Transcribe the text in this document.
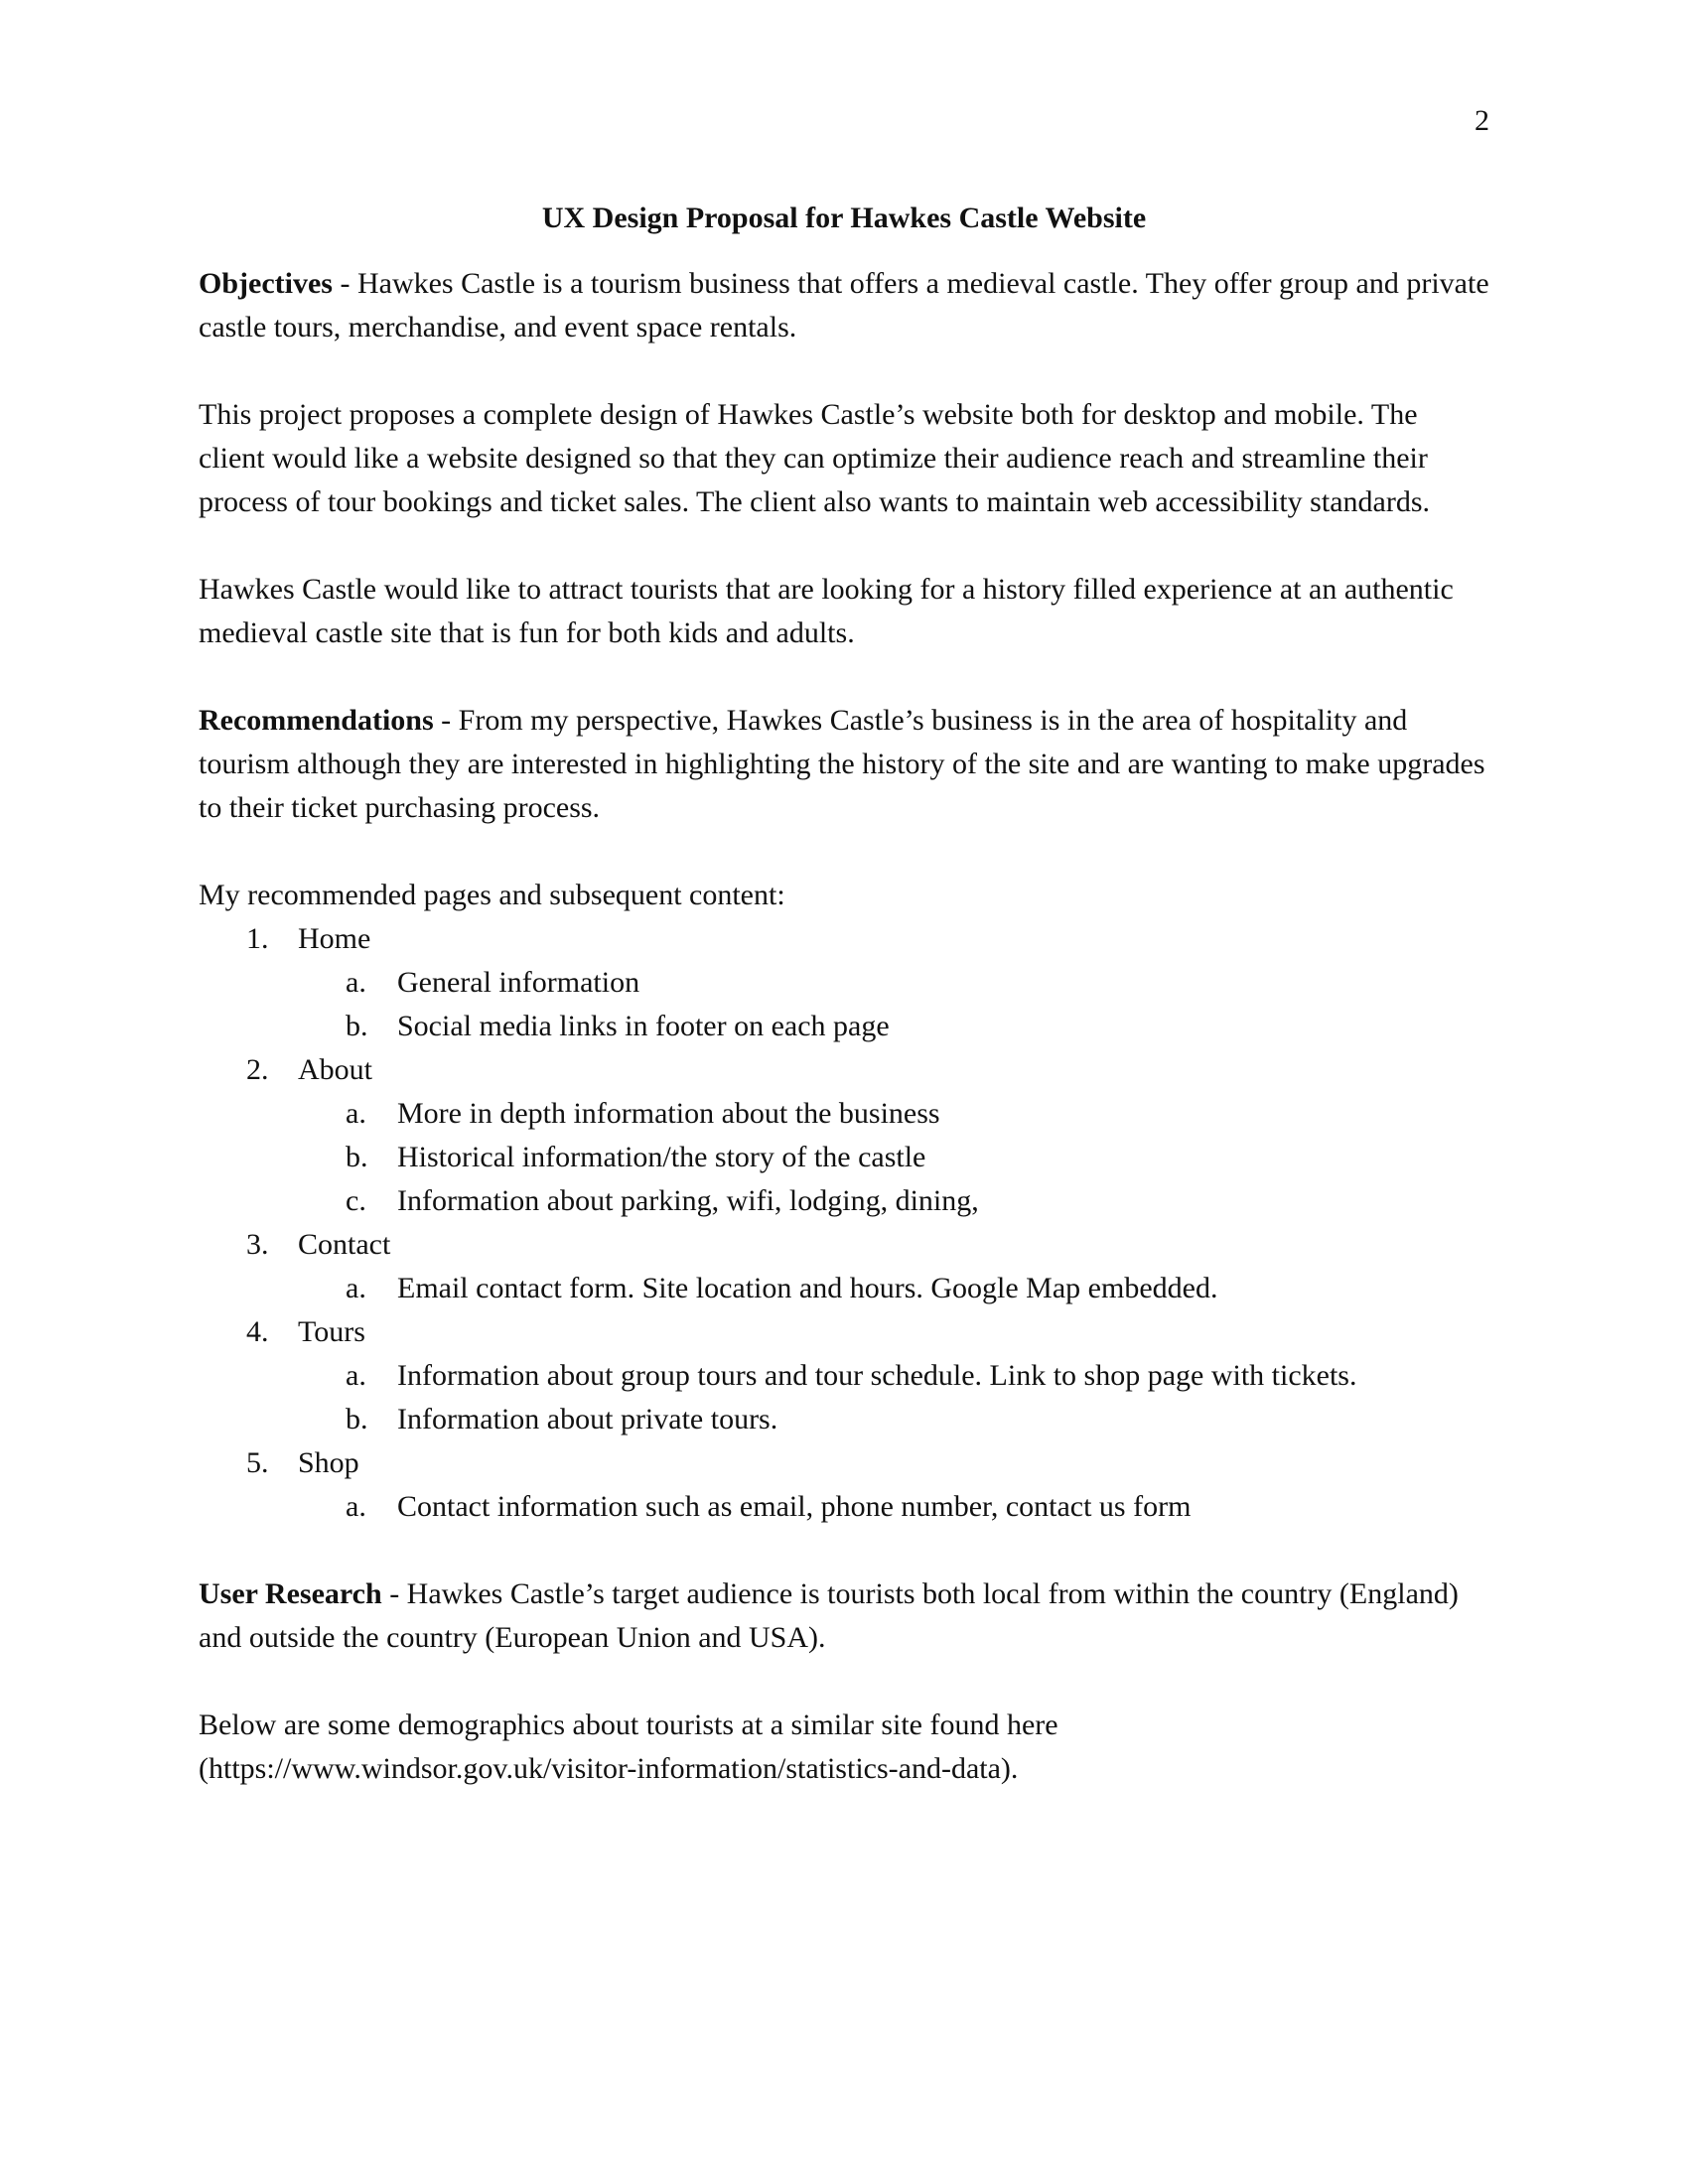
2
UX Design Proposal for Hawkes Castle Website

Objectives - Hawkes Castle is a tourism business that offers a medieval castle. They offer group and private castle tours, merchandise, and event space rentals.

This project proposes a complete design of Hawkes Castle’s website both for desktop and mobile. The client would like a website designed so that they can optimize their audience reach and streamline their process of tour bookings and ticket sales. The client also wants to maintain web accessibility standards.

Hawkes Castle would like to attract tourists that are looking for a history filled experience at an authentic medieval castle site that is fun for both kids and adults.

Recommendations - From my perspective, Hawkes Castle’s business is in the area of hospitality and tourism although they are interested in highlighting the history of the site and are wanting to make upgrades to their ticket purchasing process.

My recommended pages and subsequent content:

1. Home
a.	General information
b. Social media links in footer on each page
2. About
a.	More in depth information about the business
b. Historical information/the story of the castle
c.	Information about parking, wifi, lodging, dining,
3. Contact
a.	Email contact form. Site location and hours. Google Map embedded.
4. Tours
a.	Information about group tours and tour schedule. Link to shop page with tickets.
b. Information about private tours.
5. Shop
a.	Contact information such as email, phone number, contact us form

User Research - Hawkes Castle’s target audience is tourists both local from within the country (England) and outside the country (European Union and USA).

Below are some demographics about tourists at a similar site found here (https://www.windsor.gov.uk/visitor-information/statistics-and-data).
